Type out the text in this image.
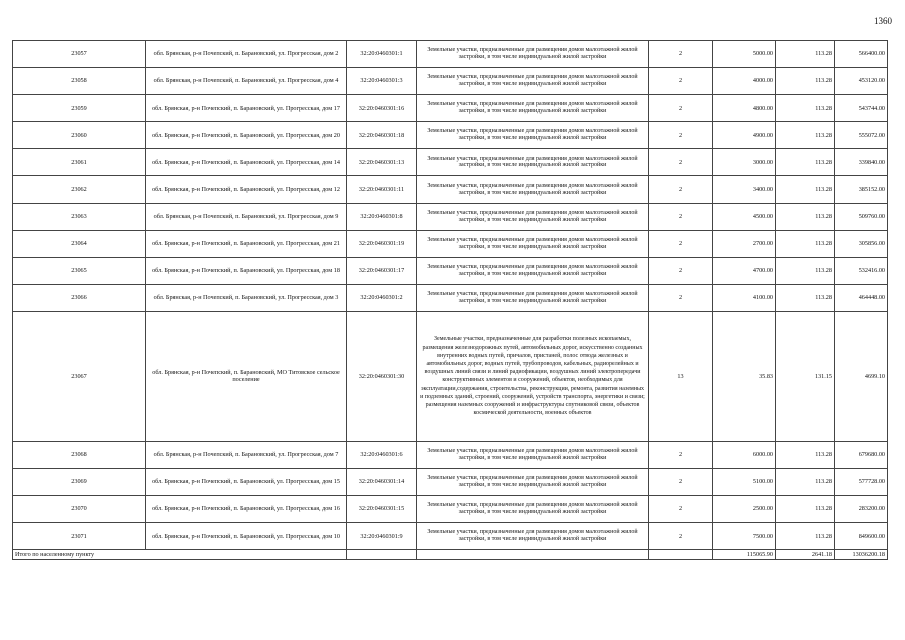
1360
23057	обл. Брянская, р-н Почепский, п. Барановский, ул. Прогресская, дом 2	32:20:0460301:1	Земельные участки, предназначенные для размещения домов малоэтажной жилой застройки, в том числе индивидуальной жилой застройки	2	5000.00	113.28	566400.00
23058	обл. Брянская, р-н Почепский, п. Барановский, ул. Прогресская, дом 4	32:20:0460301:3	Земельные участки, предназначенные для размещения домов малоэтажной жилой застройки, в том числе индивидуальной жилой застройки	2	4000.00	113.28	453120.00
23059	обл. Брянская, р-н Почепский, п. Барановский, ул. Прогресская, дом 17	32:20:0460301:16	Земельные участки, предназначенные для размещения домов малоэтажной жилой застройки, в том числе индивидуальной жилой застройки	2	4800.00	113.28	543744.00
23060	обл. Брянская, р-н Почепский, п. Барановский, ул. Прогресская, дом 20	32:20:0460301:18	Земельные участки, предназначенные для размещения домов малоэтажной жилой застройки, в том числе индивидуальной жилой застройки	2	4900.00	113.28	555072.00
23061	обл. Брянская, р-н Почепский, п. Барановский, ул. Прогресская, дом 14	32:20:0460301:13	Земельные участки, предназначенные для размещения домов малоэтажной жилой застройки, в том числе индивидуальной жилой застройки	2	3000.00	113.28	339840.00
23062	обл. Брянская, р-н Почепский, п. Барановский, ул. Прогресская, дом 12	32:20:0460301:11	Земельные участки, предназначенные для размещения домов малоэтажной жилой застройки, в том числе индивидуальной жилой застройки	2	3400.00	113.28	385152.00
23063	обл. Брянская, р-н Почепский, п. Барановский, ул. Прогресская, дом 9	32:20:0460301:8	Земельные участки, предназначенные для размещения домов малоэтажной жилой застройки, в том числе индивидуальной жилой застройки	2	4500.00	113.28	509760.00
23064	обл. Брянская, р-н Почепский, п. Барановский, ул. Прогресская, дом 21	32:20:0460301:19	Земельные участки, предназначенные для размещения домов малоэтажной жилой застройки, в том числе индивидуальной жилой застройки	2	2700.00	113.28	305856.00
23065	обл. Брянская, р-н Почепский, п. Барановский, ул. Прогресская, дом 18	32:20:0460301:17	Земельные участки, предназначенные для размещения домов малоэтажной жилой застройки, в том числе индивидуальной жилой застройки	2	4700.00	113.28	532416.00
23066	обл. Брянская, р-н Почепский, п. Барановский, ул. Прогресская, дом 3	32:20:0460301:2	Земельные участки, предназначенные для размещения домов малоэтажной жилой застройки, в том числе индивидуальной жилой застройки	2	4100.00	113.28	464448.00
23067	обл. Брянская, р-н Почепский, п. Барановский, МО Титовское сельское поселение	32:20:0460301:30	Земельные участки, предназначенные для разработки полезных ископаемых, размещения железнодорожных путей, автомобильных дорог, искусственно созданных внутренних водных путей, причалов, пристаней, полос отвода железных и автомобильных дорог, водных путей, трубопроводов, кабельных, радиорелейных и воздушных линий связи и линий радиофикации, воздушных линий электропередачи конструктивных элементов и сооружений, объектов, необходимых для эксплуатации,содержания, строительства, реконструкции, ремонта, развития наземных и подземных зданий, строений, сооружений, устройств транспорта, энергетики и связи; размещения наземных сооружений и инфраструктуры спутниковой связи, объектов космической деятельности, военных объектов	13	35.83	131.15	4699.10
23068	обл. Брянская, р-н Почепский, п. Барановский, ул. Прогресская, дом 7	32:20:0460301:6	Земельные участки, предназначенные для размещения домов малоэтажной жилой застройки, в том числе индивидуальной жилой застройки	2	6000.00	113.28	679680.00
23069	обл. Брянская, р-н Почепский, п. Барановский, ул. Прогресская, дом 15	32:20:0460301:14	Земельные участки, предназначенные для размещения домов малоэтажной жилой застройки, в том числе индивидуальной жилой застройки	2	5100.00	113.28	577728.00
23070	обл. Брянская, р-н Почепский, п. Барановский, ул. Прогресская, дом 16	32:20:0460301:15	Земельные участки, предназначенные для размещения домов малоэтажной жилой застройки, в том числе индивидуальной жилой застройки	2	2500.00	113.28	283200.00
23071	обл. Брянская, р-н Почепский, п. Барановский, ул. Прогресская, дом 10	32:20:0460301:9	Земельные участки, предназначенные для размещения домов малоэтажной жилой застройки, в том числе индивидуальной жилой застройки	2	7500.00	113.28	849600.00
Итого по населенному пункту					115065.90	2641.18	13036200.18
